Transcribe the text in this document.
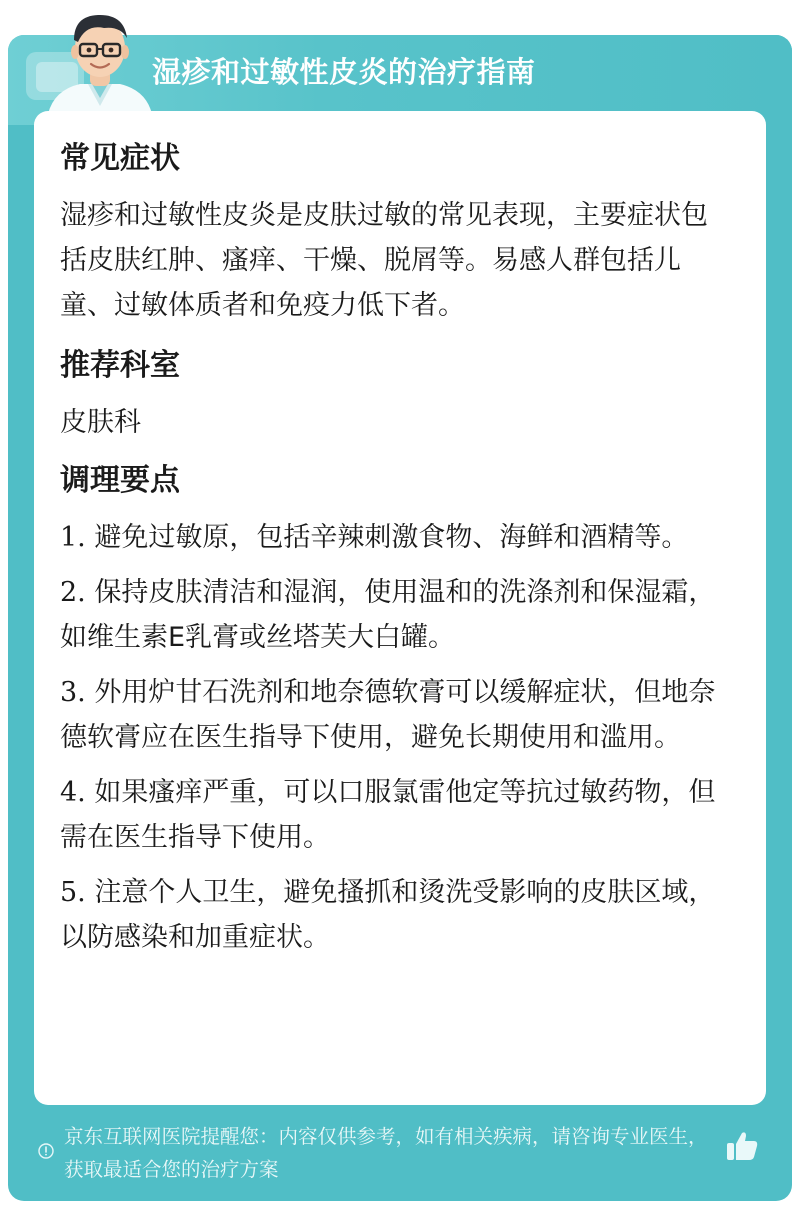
湿疹和过敏性皮炎的治疗指南
常见症状

湿疹和过敏性皮炎是皮肤过敏的常见表现，主要症状包括皮肤红肿、瘙痒、干燥、脱屑等。易感人群包括儿童、过敏体质者和免疫力低下者。

推荐科室

皮肤科

调理要点

1. 避免过敏原，包括辛辣刺激食物、海鲜和酒精等。

2. 保持皮肤清洁和湿润，使用温和的洗涤剂和保湿霜，如维生素E乳膏或丝塔芙大白罐。

3. 外用炉甘石洗剂和地奈德软膏可以缓解症状，但地奈德软膏应在医生指导下使用，避免长期使用和滥用。

4. 如果瘙痒严重，可以口服氯雷他定等抗过敏药物，但需在医生指导下使用。

5. 注意个人卫生，避免搔抓和烫洗受影响的皮肤区域，以防感染和加重症状。

京东互联网医院提醒您：内容仅供参考，如有相关疾病，请咨询专业医生，获取最适合您的治疗方案
